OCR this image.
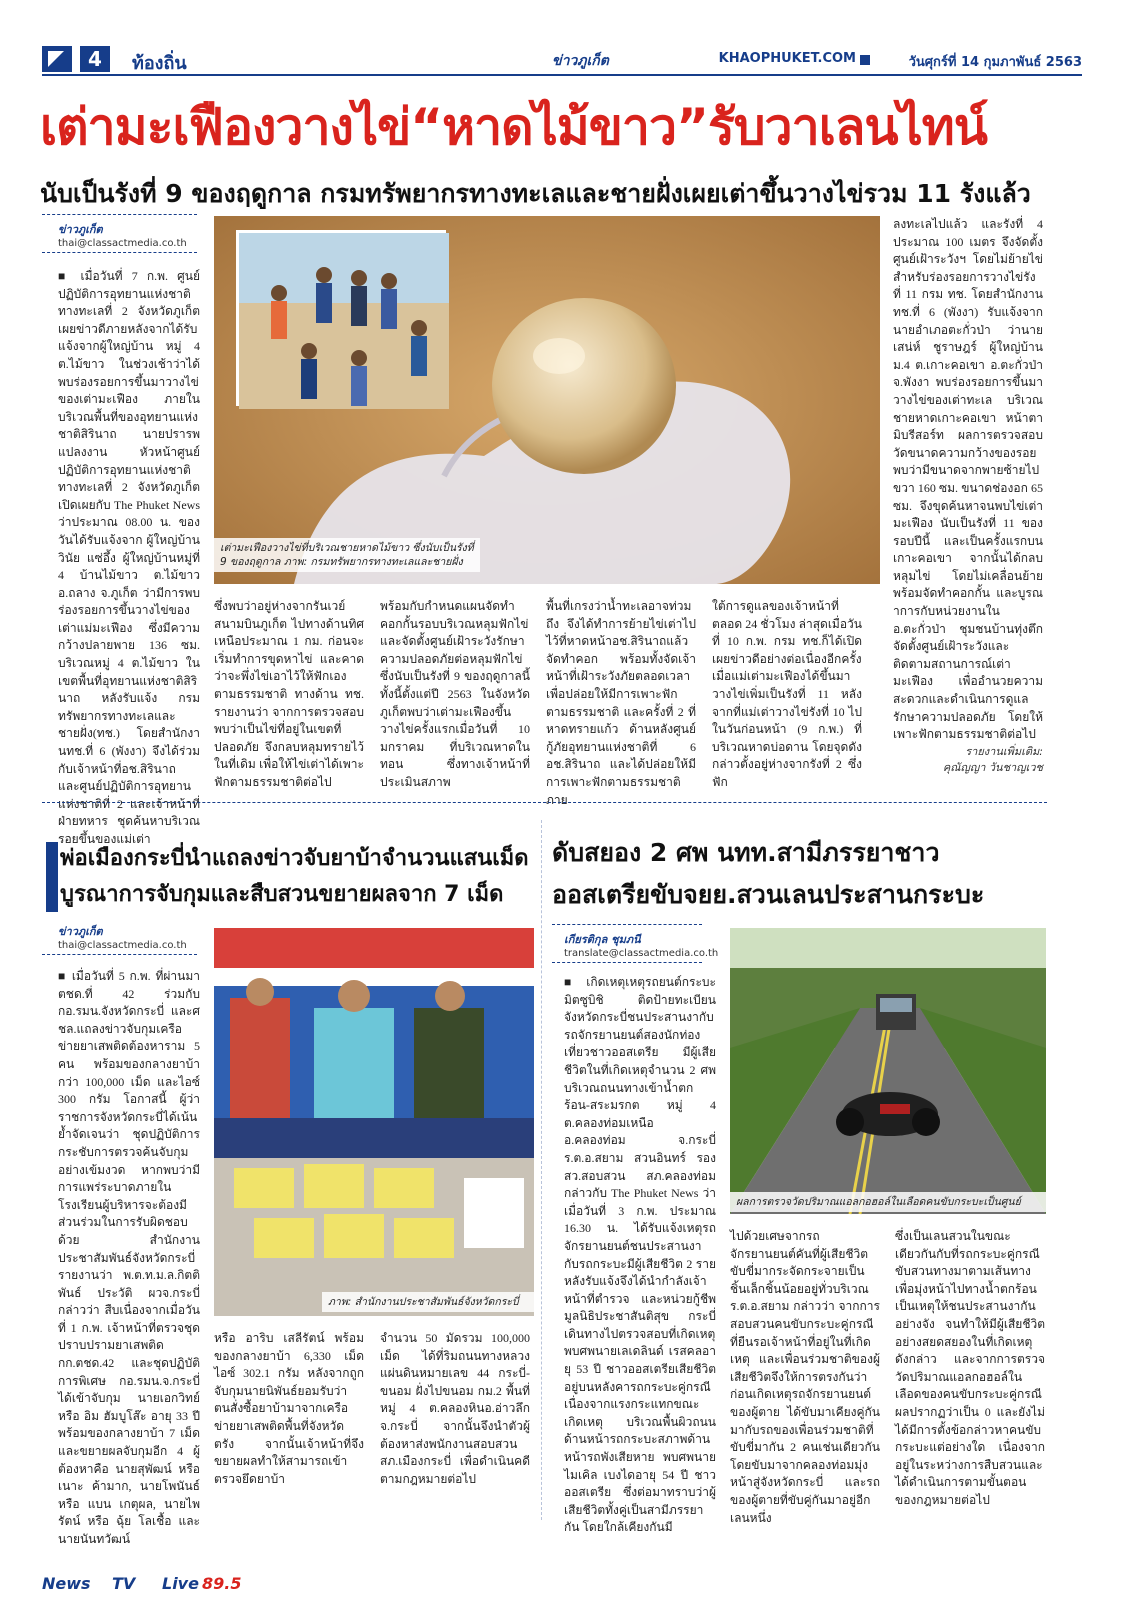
4	ท้องถิ่น	ข่าวภูเก็ต	KHAOPHUKET.COM	วันศุกร์ที่ 14 กุมภาพันธ์ 2563
เต่ามะเฟืองวางไข่“หาดไม้ขาว”รับวาเลนไทน์
นับเป็นรังที่ 9 ของฤดูกาล กรมทรัพยากรทางทะเลและชายฝั่งเผยเต่าขึ้นวางไข่รวม 11 รังแล้ว
ข่าวภูเก็ต
thai@classactmedia.co.th
■ เมื่อวันที่ 7 ก.พ. ศูนย์ปฏิบัติการอุทยานแห่งชาติทางทะเลที่ 2 จังหวัดภูเก็ต เผยข่าวดีภายหลังจากได้รับแจ้งจากผู้ใหญ่บ้าน หมู่ 4 ต.ไม้ขาว ในช่วงเช้าว่าได้พบร่องรอยการขึ้นมาวางไข่ของเต่ามะเฟือง ภายในบริเวณพื้นที่ของอุทยานแห่งชาติสิรินาถ นายปรารพ แปลงงาน หัวหน้าศูนย์ปฏิบัติการอุทยานแห่งชาติทางทะเลที่ 2 จังหวัดภูเก็ต เปิดเผยกับ The Phuket News ว่าประมาณ 08.00 น. ของวันได้รับแจ้งจาก ผู้ใหญ่บ้านวินัย แซ่อึ้ง ผู้ใหญ่บ้านหมู่ที่ 4 บ้านไม้ขาว ต.ไม้ขาว อ.ถลาง จ.ภูเก็ต ว่ามีการพบร่องรอยการขึ้นวางไข่ของเต่าแม่มะเฟือง ซึ่งมีความกว้างปลายพาย 136 ซม. บริเวณหมู่ 4 ต.ไม้ขาว ในเขตพื้นที่อุทยานแห่งชาติสิรินาถ หลังรับแจ้ง กรมทรัพยากรทางทะเลและชายฝั่ง(ทช.) โดยสำนักงานทช.ที่ 6 (พังงา) จึงได้ร่วมกับเจ้าหน้าที่อช.สิรินาถ และศูนย์ปฏิบัติการอุทยานแห่งชาติที่ 2 และเจ้าหน้าที่ฝ่ายทหาร ชุดค้นหาบริเวณรอยขึ้นของแม่เต่า
เต่ามะเฟืองวางไข่ที่บริเวณชายหาดไม้ขาว ซึ่งนับเป็นรังที่ 9 ของฤดูกาล ภาพ: กรมทรัพยากรทางทะเลและชายฝั่ง
ซึ่งพบว่าอยู่ห่างจากรันเวย์ สนามบินภูเก็ต ไปทางด้านทิศเหนือประมาณ 1 กม. ก่อนจะเริ่มทำการขุดหาไข่ และคาดว่าจะพึ่งไข่เอาไว้ให้ฟักเองตามธรรมชาติ ทางด้าน ทช. รายงานว่า จากการตรวจสอบพบว่าเป็นไข่ที่อยู่ในเขตที่ปลอดภัย จึงกลบหลุมทรายไว้ในที่เดิม เพื่อให้ไข่เต่าได้เพาะฟักตามธรรมชาติต่อไป
พร้อมกับกำหนดแผนจัดทำคอกกั้นรอบบริเวณหลุมฟักไข่ และจัดตั้งศูนย์เฝ้าระวังรักษาความปลอดภัยต่อหลุมฟักไข่ ซึ่งนับเป็นรังที่ 9 ของฤดูกาลนี้ ทั้งนี้ตั้งแต่ปี 2563 ในจังหวัดภูเก็ตพบว่าเต่ามะเฟืองขึ้นวางไข่ครั้งแรกเมื่อวันที่ 10 มกราคม ที่บริเวณหาดในทอน ซึ่งทางเจ้าหน้าที่ประเมินสภาพ
พื้นที่เกรงว่าน้ำทะเลอาจท่วมถึง จึงได้ทำการย้ายไข่เต่าไปไว้ที่หาดหน้าอช.สิรินาถแล้วจัดทำคอก พร้อมทั้งจัดเจ้าหน้าที่เฝ้าระวังภัยตลอดเวลา เพื่อปล่อยให้มีการเพาะฟักตามธรรมชาติ และครั้งที่ 2 ที่หาดทรายแก้ว ด้านหลังศูนย์กู้ภัยอุทยานแห่งชาติที่ 6 อช.สิรินาถ และได้ปล่อยให้มีการเพาะฟักตามธรรมชาติ ภาย
ใต้การดูแลของเจ้าหน้าที่ตลอด 24 ชั่วโมง ล่าสุดเมื่อวันที่ 10 ก.พ. กรม ทช.ก็ได้เปิดเผยข่าวดีอย่างต่อเนื่องอีกครั้ง เมื่อแม่เต่ามะเฟืองได้ขึ้นมาวางไข่เพิ่มเป็นรังที่ 11 หลังจากที่แม่เต่าวางไข่รังที่ 10 ไปในวันก่อนหน้า (9 ก.พ.) ที่บริเวณหาดบ่อดาน โดยจุดดังกล่าวตั้งอยู่ห่างจากรังที่ 2 ซึ่งฟัก
ลงทะเลไปแล้ว และรังที่ 4 ประมาณ 100 เมตร จึงจัดตั้งศูนย์เฝ้าระวังฯ โดยไม่ย้ายไข่ สำหรับร่องรอยการวางไข่รังที่ 11 กรม ทช. โดยสำนักงาน ทช.ที่ 6 (พังงา) รับแจ้งจากนายอำเภอตะกั่วป่า ว่านายเสน่ห์ ชูราษฎร์ ผู้ใหญ่บ้าน ม.4 ต.เกาะคอเขา อ.ตะกั่วป่า จ.พังงา พบร่องรอยการขึ้นมาวางไข่ของเต่าทะเล บริเวณชายหาดเกาะคอเขา หน้าตามิบรีสอร์ท ผลการตรวจสอบวัดขนาดความกว้างของรอย พบว่ามีขนาดจากพายซ้ายไปขวา 160 ซม. ขนาดช่องอก 65 ซม. จึงขุดค้นหาจนพบไข่เต่ามะเฟือง นับเป็นรังที่ 11 ของรอบปีนี้ และเป็นครั้งแรกบนเกาะคอเขา จากนั้นได้กลบหลุมไข่ โดยไม่เคลื่อนย้าย พร้อมจัดทำคอกกั้น และบูรณาการกับหน่วยงานใน อ.ตะกั่วป่า ชุมชนบ้านทุ่งตึก จัดตั้งศูนย์เฝ้าระวังและติดตามสถานการณ์เต่ามะเฟือง เพื่ออำนวยความสะดวกและดำเนินการดูแลรักษาความปลอดภัย โดยให้เพาะฟักตามธรรมชาติต่อไป
รายงานเพิ่มเติม:
คุณัญญา วันชาญเวช
พ่อเมืองกระบี่นำแถลงข่าวจับยาบ้าจำนวนแสนเม็ด
บูรณาการจับกุมและสืบสวนขยายผลจาก 7 เม็ด
ข่าวภูเก็ต
thai@classactmedia.co.th
■ เมื่อวันที่ 5 ก.พ. ที่ผ่านมา ตชด.ที่ 42 ร่วมกับ กอ.รมน.จังหวัดกระบี่ และศชล.แถลงข่าวจับกุมเครือข่ายยาเสพติดต้องหาราม 5 คน พร้อมของกลางยาบ้ากว่า 100,000 เม็ด และไอซ์ 300 กรัม โอกาสนี้ ผู้ว่าราชการจังหวัดกระบี่ได้เน้นย้ำจัดเจนว่า ชุดปฏิบัติการกระชับการตรวจค้นจับกุมอย่างเข้มงวด หากพบว่ามีการแพร่ระบาดภายในโรงเรียนผู้บริหารจะต้องมีส่วนร่วมในการรับผิดชอบด้วย สำนักงานประชาสัมพันธ์จังหวัดกระบี่ รายงานว่า พ.ต.ท.ม.ล.กิตติพันธ์ ประวัติ ผวจ.กระบี่ กล่าวว่า สืบเนื่องจากเมื่อวันที่ 1 ก.พ. เจ้าหน้าที่ตรวจชุดปราบปรามยาเสพติด กก.ตชด.42 และชุดปฏิบัติการพิเศษ กอ.รมน.จ.กระบี่ ได้เข้าจับกุม นายเอกวิทย์ หรือ อิม ฮัมบูโส๊ะ อายุ 33 ปี พร้อมของกลางยาบ้า 7 เม็ด และขยายผลจับกุมอีก 4 ผู้ต้องหาคือ นายสุพัฒน์ หรือ เนาะ ค้ามาก, นายโพนันธ์ หรือ แบน เกตุผล, นายไพรัตน์ หรือ ฉุ้ย โลเชื้อ และนายนันทวัฒน์
ภาพ: สำนักงานประชาสัมพันธ์จังหวัดกระบี่
หรือ อาริบ เสลีรัตน์ พร้อมของกลางยาบ้า 6,330 เม็ด ไอซ์ 302.1 กรัม หลังจากถูกจับกุมนายนิพันธ์ยอมรับว่า ตนสั่งซื้อยาบ้ามาจากเครือข่ายยาเสพติดพื้นที่จังหวัดตรัง จากนั้นเจ้าหน้าที่จึงขยายผลทำให้สามารถเข้าตรวจยึดยาบ้า
จำนวน 50 มัดรวม 100,000 เม็ด ได้ที่ริมถนนทางหลวงแผ่นดินหมายเลข 44 กระบี่-ขนอม ฝั่งไปขนอม กม.2 พื้นที่หมู่ 4 ต.คลองหินอ.อ่าวลึก จ.กระบี่ จากนั้นจึงนำตัวผู้ต้องหาส่งพนักงานสอบสวนสภ.เมืองกระบี่ เพื่อดำเนินคดีตามกฎหมายต่อไป
ดับสยอง 2 ศพ นทท.สามีภรรยาชาว
ออสเตรียขับจยย.สวนเลนประสานกระบะ
เกียรติกุล ชุมภนี
translate@classactmedia.co.th
■ เกิดเหตุเหตุรถยนต์กระบะมิตซูบิชิ ติดป้ายทะเบียนจังหวัดกระบี่ชนประสานงากับรถจักรยานยนต์สองนักท่องเที่ยวชาวออสเตรีย มีผู้เสียชีวิตในที่เกิดเหตุจำนวน 2 ศพ บริเวณถนนทางเข้าน้ำตกร้อน-สระมรกต หมู่ 4 ต.คลองท่อมเหนือ อ.คลองท่อม จ.กระบี่ ร.ต.อ.สยาม สวนอินทร์ รองสว.สอบสวน สภ.คลองท่อม กล่าวกับ The Phuket News ว่าเมื่อวันที่ 3 ก.พ. ประมาณ 16.30 น. ได้รับแจ้งเหตุรถจักรยานยนต์ชนประสานงากับรถกระบะมีผู้เสียชีวิต 2 ราย หลังรับแจ้งจึงได้นำกำลังเจ้าหน้าที่ตำรวจ และหน่วยกู้ชีพมูลนิธิประชาสันติสุข กระบี่ เดินทางไปตรวจสอบที่เกิดเหตุ พบศพนายเลเดลินด์ เรสคลอายุ 53 ปี ชาวออสเตรียเสียชีวิตอยู่บนหลังคารถกระบะคู่กรณี เนื่องจากแรงกระแทกขณะเกิดเหตุ บริเวณพื้นผิวถนนด้านหน้ารถกระบะสภาพด้านหน้ารถพังเสียหาย พบศพนายไมเคิล เบงไดอายุ 54 ปี ชาวออสเตรีย ซึ่งต่อมาทราบว่าผู้เสียชีวิตทั้งคู่เป็นสามีภรรยากัน โดยใกล้เคียงกันมี
ผลการตรวจวัดปริมาณแอลกอฮอล์ในเลือดคนขับกระบะเป็นศูนย์
ไปด้วยเศษจากรถจักรยานยนต์คันที่ผู้เสียชีวิตขับขี่มากระจัดกระจายเป็นชิ้นเล็กชิ้นน้อยอยู่ทั่วบริเวณ ร.ต.อ.สยาม กล่าวว่า จากการสอบสวนคนขับกระบะคู่กรณีที่ยืนรอเจ้าหน้าที่อยู่ในที่เกิดเหตุ และเพื่อนร่วมชาติของผู้เสียชีวิตจึงให้การตรงกันว่าก่อนเกิดเหตุรถจักรยานยนต์ของผู้ตาย ได้ขับมาเคียงคู่กันมากับรถของเพื่อนร่วมชาติที่ขับขี่มากัน 2 คนเช่นเดียวกัน โดยขับมาจากคลองท่อมมุ่งหน้าสู่จังหวัดกระบี่ และรถของผู้ตายที่ขับคู่กันมาอยู่อีกเลนหนึ่ง
ซึ่งเป็นเลนสวนในขณะเดียวกันกับที่รถกระบะคู่กรณีขับสวนทางมาตามเส้นทาง เพื่อมุ่งหน้าไปทางน้ำตกร้อน เป็นเหตุให้ชนประสานงากันอย่างจัง จนทำให้มีผู้เสียชีวิตอย่างสยดสยองในที่เกิดเหตุดังกล่าว และจากการตรวจวัดปริมาณแอลกอฮอล์ในเลือดของคนขับกระบะคู่กรณี ผลปรากฏว่าเป็น 0 และยังไม่ได้มีการตั้งข้อกล่าวหาคนขับกระบะแต่อย่างใด เนื่องจากอยู่ในระหว่างการสืบสวนและได้ดำเนินการตามขั้นตอนของกฎหมายต่อไป
News TV Live 89.5
